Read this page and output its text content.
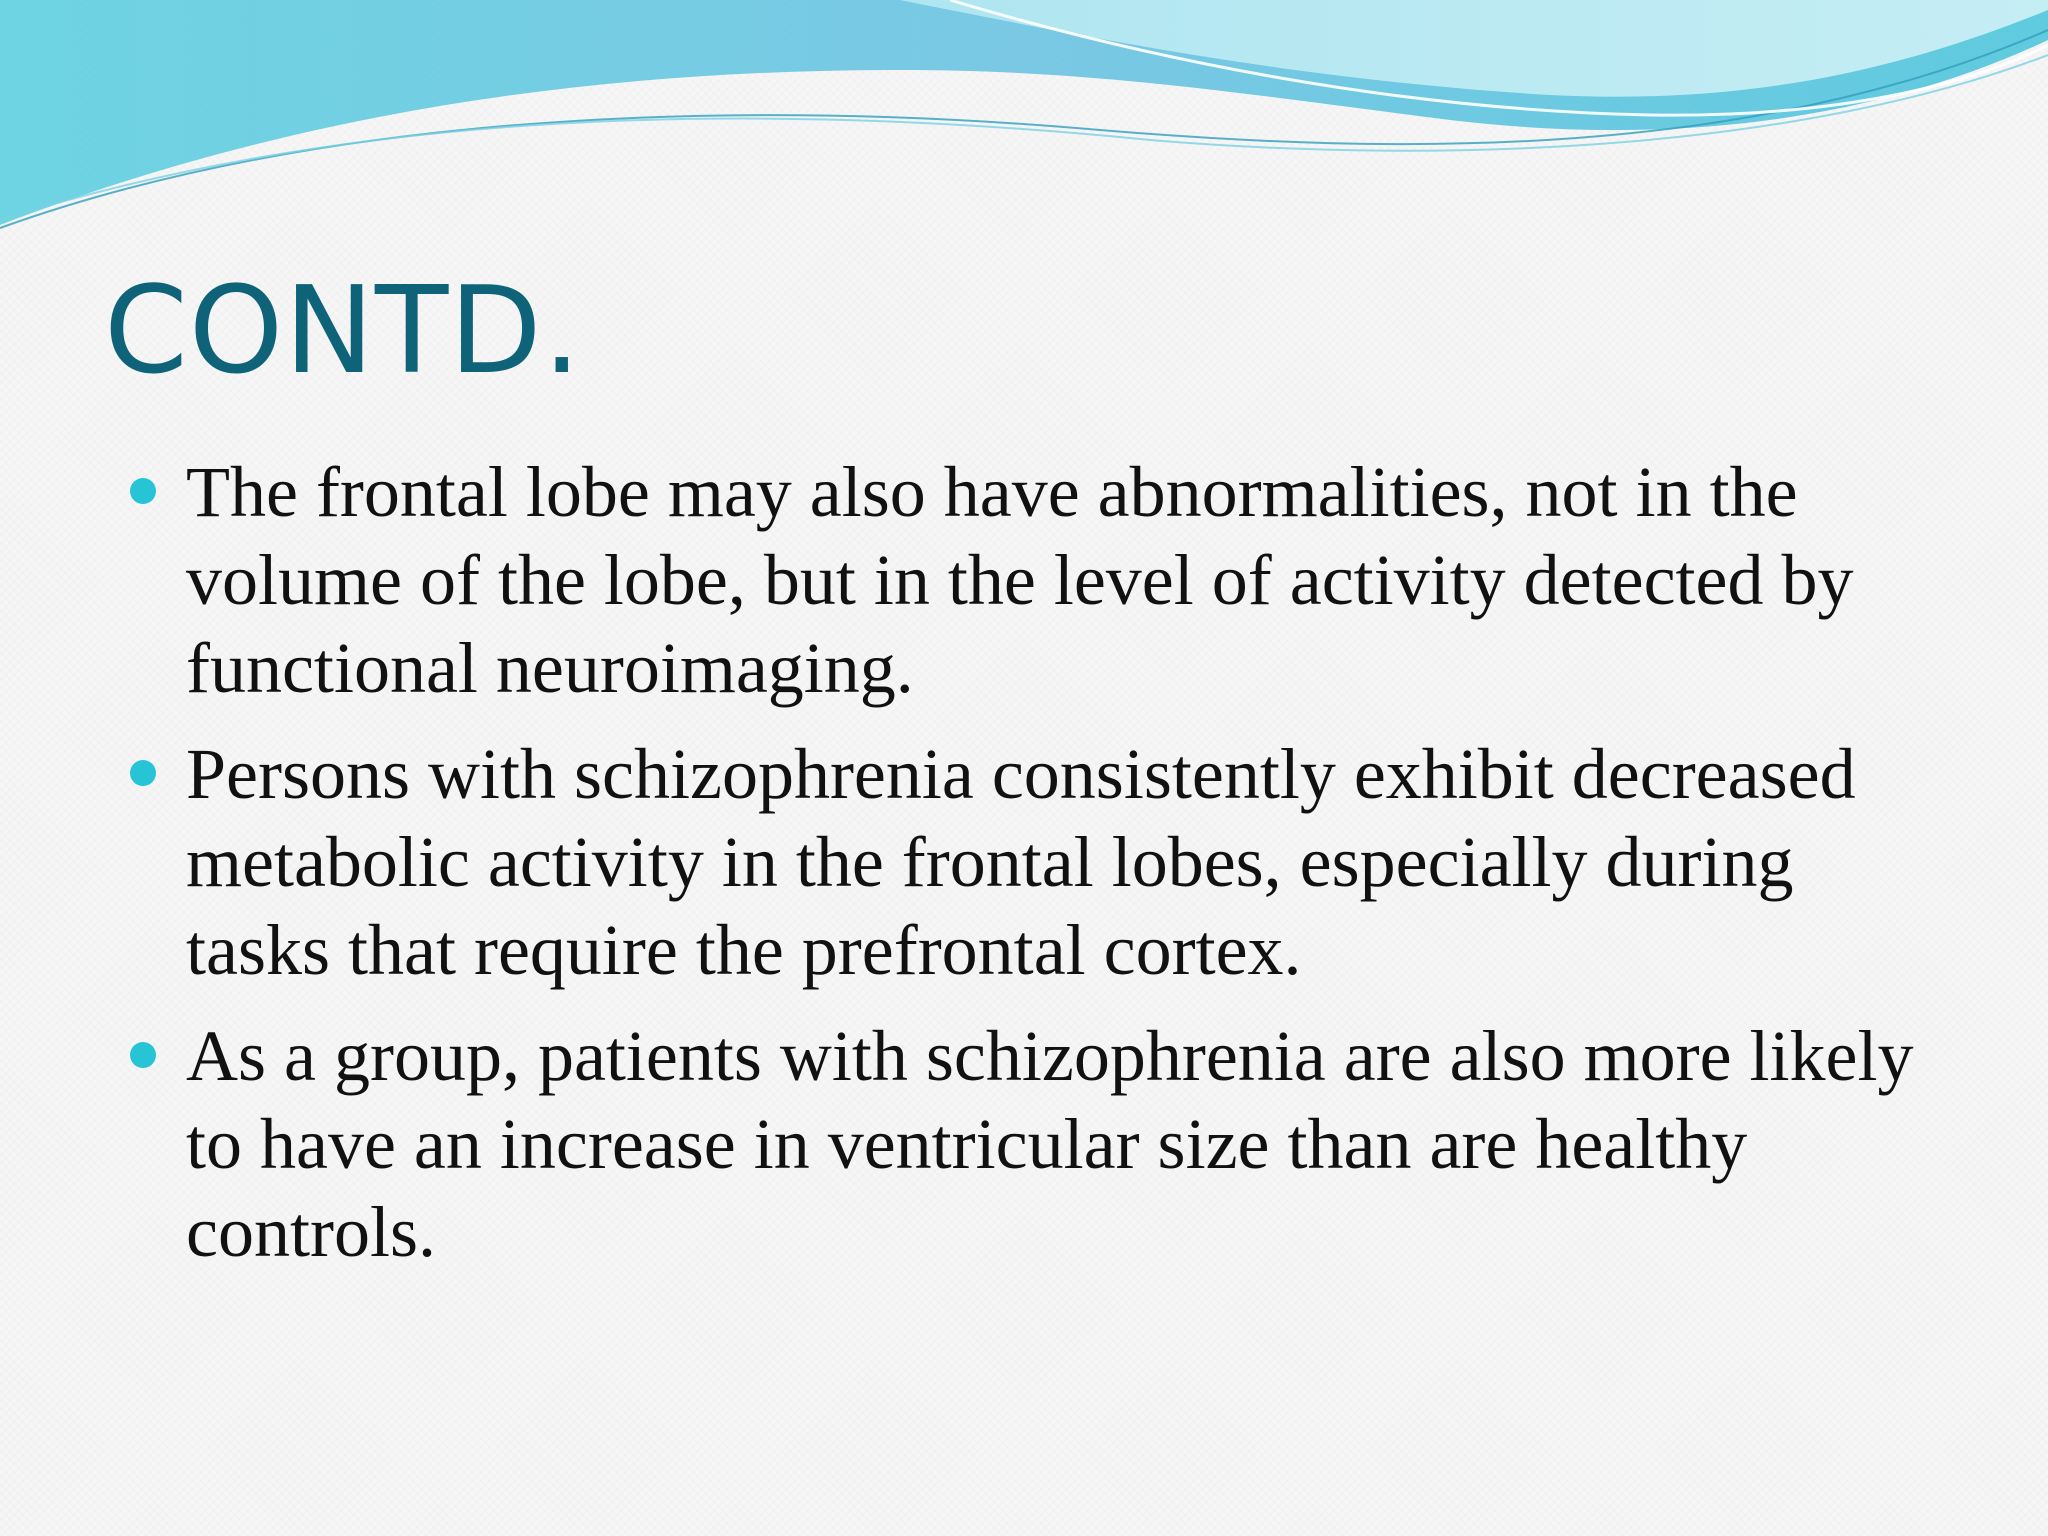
CONTD.
The frontal lobe may also have abnormalities, not in the volume of the lobe, but in the level of activity detected by functional neuroimaging.
Persons with schizophrenia consistently exhibit decreased metabolic activity in the frontal lobes, especially during tasks that require the prefrontal cortex.
As a group, patients with schizophrenia are also more likely to have an increase in ventricular size than are healthy controls.
